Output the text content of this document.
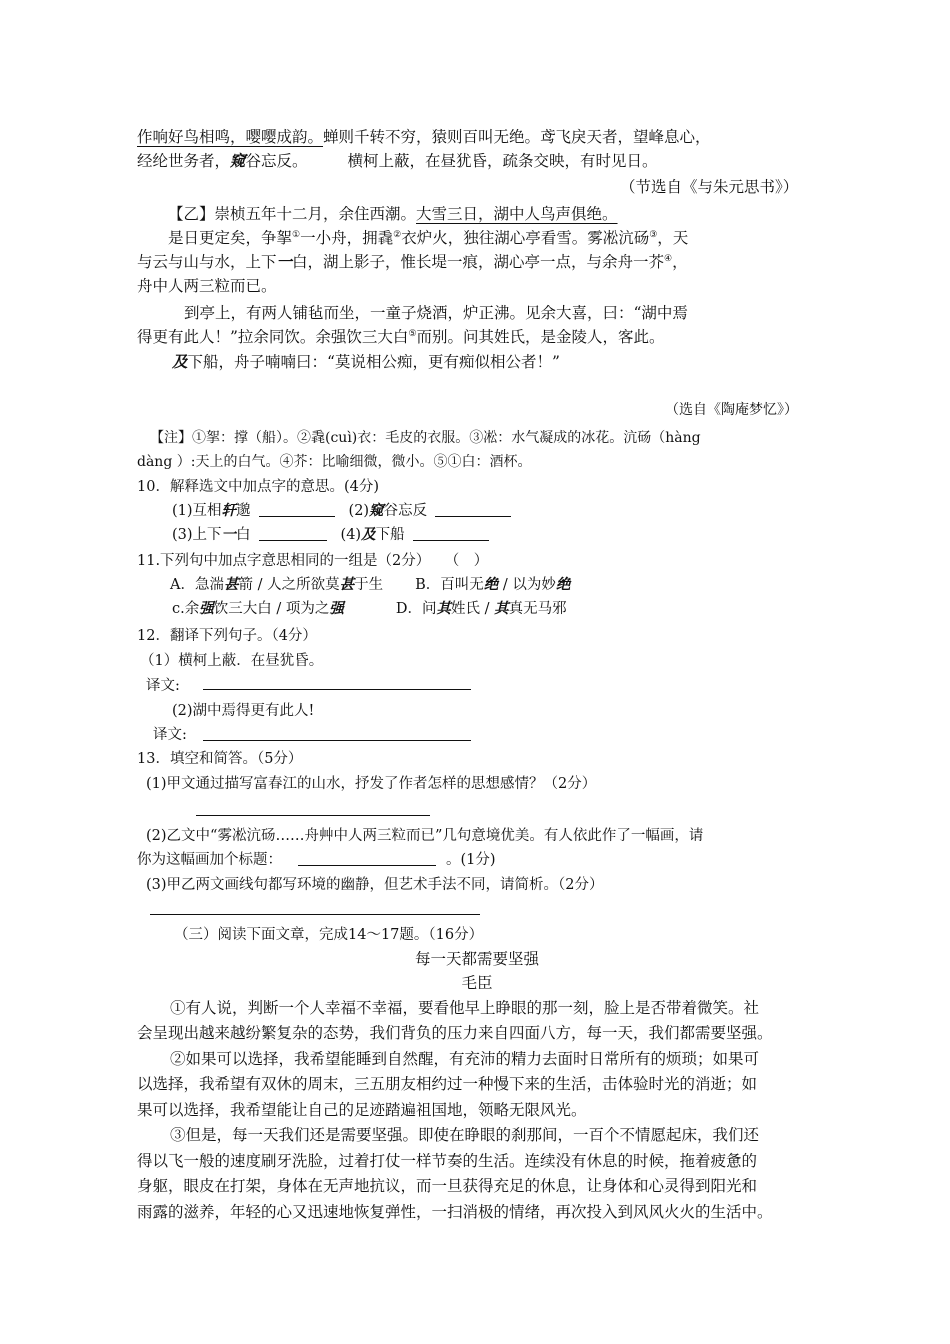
作响好鸟相鸣，嘤嘤成韵。蝉则千转不穷，猿则百叫无绝。鸢飞戾天者，望峰息心，
经纶世务者，窥谷忘反。	横柯上蔽，在昼犹昏，疏条交映，有时见日。
（节选自《与朱元思书》）
【乙】崇桢五年十二月，余住西潮。大雪三日，湖中人鸟声俱绝。
是日更定矣，争挐①一小舟，拥毳②衣炉火，独往湖心亭看雪。雾凇沆砀③，天
与云与山与水，上下一白，湖上影子，惟长堤一痕，湖心亭一点，与余舟一芥④，
舟中人两三粒而已。
到亭上，有两人铺毡而坐，一童子烧酒，炉正沸。见余大喜，曰：“湖中焉
得更有此人！”拉余同饮。余强饮三大白⑤而别。问其姓氏，是金陵人，客此。
及下船，舟子喃喃曰：“莫说相公痴，更有痴似相公者！”
（选自《陶庵梦忆》）
【注】①挐：撑（船）。②毳(cuì)衣：毛皮的衣服。③凇：水气凝成的冰花。沆砀（hàng
dàng ）:天上的白气。④芥：比喻细微，微小。⑤①白：酒杯。
10．解释选文中加点字的意思。(4分)
(1)互相轩邈	(2)窥谷忘反
(3)上下一白	(4)及下船
11.下列句中加点字意思相同的一组是（2分）　　（　）
A．急湍甚箭 / 人之所欲莫甚于生 B．百叫无绝 / 以为妙绝
c.余强饮三大白 / 项为之强	D．问其姓氏 / 其真无马邪
12．翻译下列句子。（4分）
（1）横柯上蔽．在昼犹昏。
译文:
(2)湖中焉得更有此人!
译文:
13．填空和简答。（5分）
(1)甲文通过描写富春江的山水，抒发了作者怎样的思想感情？（2分）
(2)乙文中“雾凇沆砀……舟艸中人两三粒而已”几句意境优美。有人依此作了一幅画，请
你为这幅画加个标题：	。(1分)
(3)甲乙两文画线句都写环境的幽静，但艺术手法不同，请简析。（2分）
（三）阅读下面文章，完成14～17题。（16分）
每一天都需要坚强
毛臣
①有人说，判断一个人幸福不幸福，要看他早上睁眼的那一刻，脸上是否带着微笑。社
会呈现出越来越纷繁复杂的态势，我们背负的压力来自四面八方，每一天，我们都需要坚强。
②如果可以选择，我希望能睡到自然醒，有充沛的精力去面时日常所有的烦琐；如果可
以选择，我希望有双休的周末，三五朋友相约过一种慢下来的生活，击体验时光的消逝；如
果可以选择，我希望能让自己的足迹踏遍祖国地，领略无限风光。
③但是，每一天我们还是需要坚强。即使在睁眼的刹那间，一百个不情愿起床，我们还
得以飞一般的速度刷牙洗脸，过着打仗一样节奏的生活。连续没有休息的时候，拖着疲惫的
身躯，眼皮在打架，身体在无声地抗议，而一旦获得充足的休息，让身体和心灵得到阳光和
雨露的滋养，年轻的心又迅速地恢复弹性，一扫消极的情绪，再次投入到风风火火的生活中。
